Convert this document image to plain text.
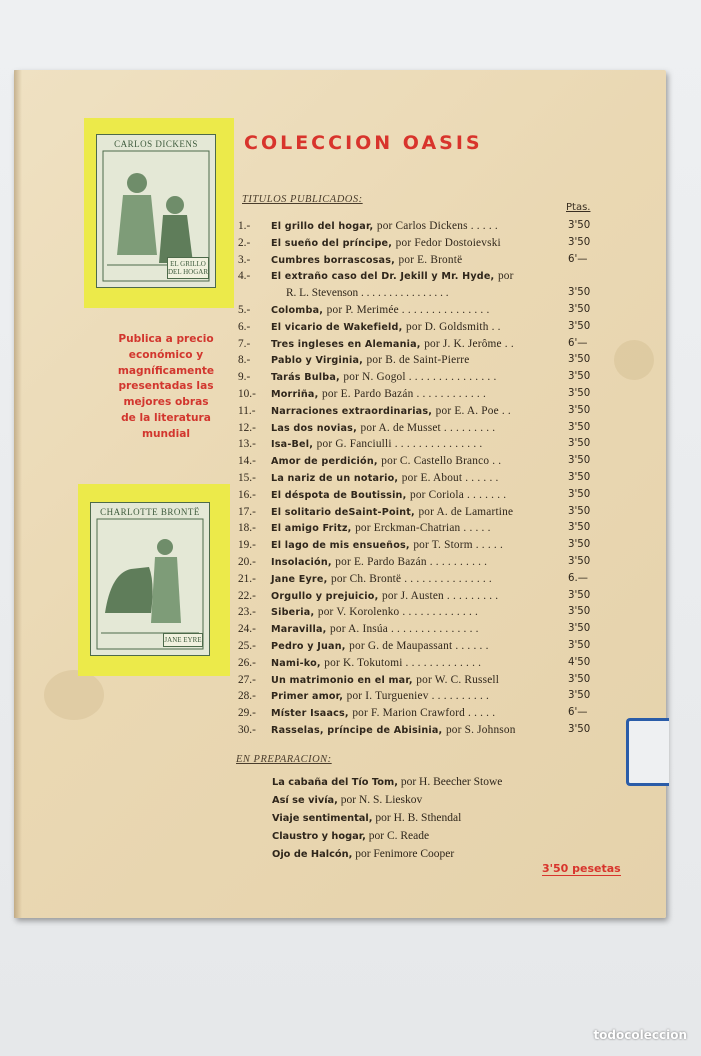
CARLOS DICKENS
EL GRILLO
DEL HOGAR
Publica a precio
económico y
magníficamente
presentadas las
mejores obras
de la literatura
mundial
CHARLOTTE BRONTË
JANE EYRE
COLECCION OASIS
TITULOS PUBLICADOS:
Ptas.
1.-	El grillo del hogar, por Carlos Dickens . . . . .	3'50
2.-	El sueño del príncipe, por Fedor Dostoievski	3'50
3.-	Cumbres borrascosas, por E. Brontë	6'—
4.-	El extraño caso del Dr. Jekill y Mr. Hyde, por
R. L. Stevenson . . . . . . . . . . . . . . . .	3'50
5.-	Colomba, por P. Merimée . . . . . . . . . . . . . . .	3'50
6.-	El vicario de Wakefield, por D. Goldsmith . .	3'50
7.-	Tres ingleses en Alemania, por J. K. Jerôme . .	6'—
8.-	Pablo y Virginia, por B. de Saint-Pierre	3'50
9.-	Tarás Bulba, por N. Gogol . . . . . . . . . . . . . . .	3'50
10.-	Morriña, por E. Pardo Bazán . . . . . . . . . . . .	3'50
11.-	Narraciones extraordinarias, por E. A. Poe . .	3'50
12.-	Las dos novias, por A. de Musset . . . . . . . . .	3'50
13.-	Isa-Bel, por G. Fanciulli . . . . . . . . . . . . . . .	3'50
14.-	Amor de perdición, por C. Castello Branco . .	3'50
15.-	La nariz de un notario, por E. About . . . . . .	3'50
16.-	El déspota de Boutissin, por Coriola . . . . . . .	3'50
17.-	El solitario deSaint-Point, por A. de Lamartine	3'50
18.-	El amigo Fritz, por Erckman-Chatrian . . . . .	3'50
19.-	El lago de mis ensueños, por T. Storm . . . . .	3'50
20.-	Insolación, por E. Pardo Bazán . . . . . . . . . .	3'50
21.-	Jane Eyre, por Ch. Brontë . . . . . . . . . . . . . . .	6.—
22.-	Orgullo y prejuicio, por J. Austen . . . . . . . . .	3'50
23.-	Siberia, por V. Korolenko . . . . . . . . . . . . .	3'50
24.-	Maravilla, por A. Insúa . . . . . . . . . . . . . . .	3'50
25.-	Pedro y Juan, por G. de Maupassant . . . . . .	3'50
26.-	Nami-ko, por K. Tokutomi . . . . . . . . . . . . .	4'50
27.-	Un matrimonio en el mar, por W. C. Russell	3'50
28.-	Primer amor, por I. Turgueniev . . . . . . . . . .	3'50
29.-	Míster Isaacs, por F. Marion Crawford . . . . .	6'—
30.-	Rasselas, príncipe de Abisinia, por S. Johnson	3'50
EN PREPARACION:
La cabaña del Tío Tom, por H. Beecher Stowe
Así se vivía, por N. S. Lieskov
Viaje sentimental, por H. B. Sthendal
Claustro y hogar, por C. Reade
Ojo de Halcón, por Fenimore Cooper
3'50 pesetas
todocoleccion
